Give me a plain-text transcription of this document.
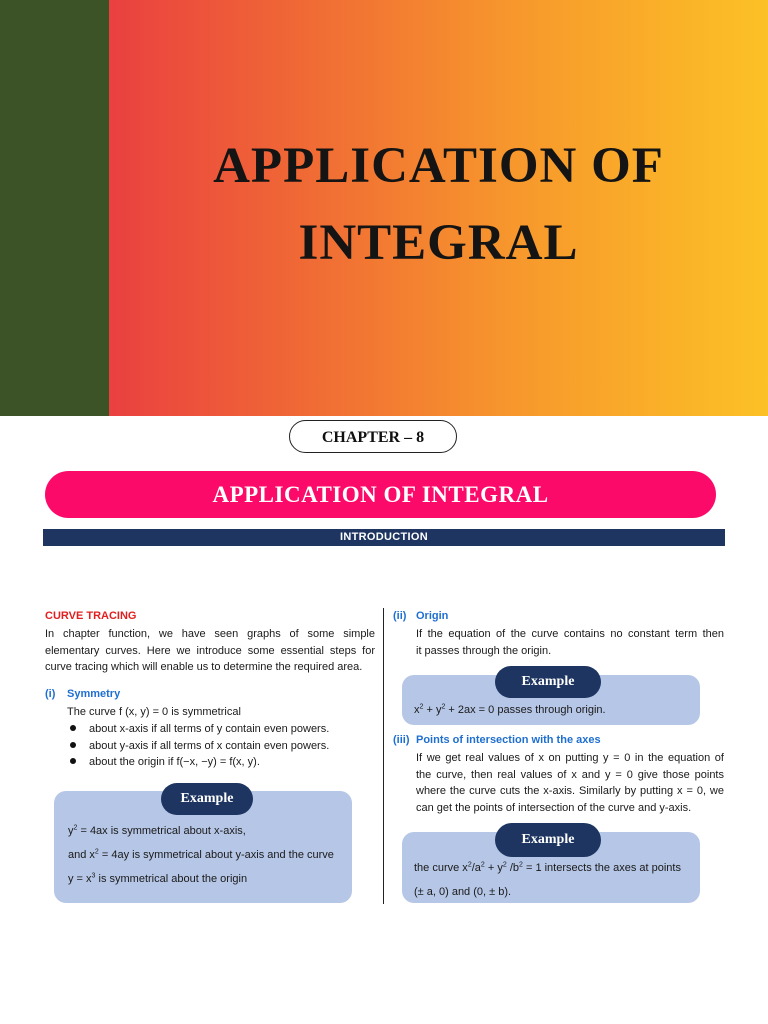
APPLICATION OF
INTEGRAL
CHAPTER – 8
APPLICATION OF INTEGRAL
INTRODUCTION
CURVE TRACING

In chapter function, we have seen graphs of some simple

elementary curves. Here we introduce some essential steps for

curve tracing which will enable us to determine the required area.

(i) Symmetry

The curve f (x, y) = 0 is symmetrical

about x-axis if all terms of y contain even powers.

about y-axis if all terms of x contain even powers.

about the origin if f(−x, −y) = f(x, y).

Example

$y^2 = 4ax$ is symmetrical about x-axis,

and $x^2 = 4ay$ is symmetrical about y-axis and the curve

$y = x^3$ is symmetrical about the origin

(ii) Origin

If the equation of the curve contains no constant term then

it passes through the origin.

Example

$x^2 + y^2 + 2ax = 0$ passes through origin.

(iii) Points of intersection with the axes

If we get real values of x on putting y = 0 in the equation of

the curve, then real values of x and y = 0 give those points

where the curve cuts the x-axis. Similarly by putting x = 0, we

can get the points of intersection of the curve and y-axis.

Example

the curve $x^2/a^2 + y^2$ $/b^2 = 1$ intersects the axes at points

(± a, 0) and (0, ± b).
